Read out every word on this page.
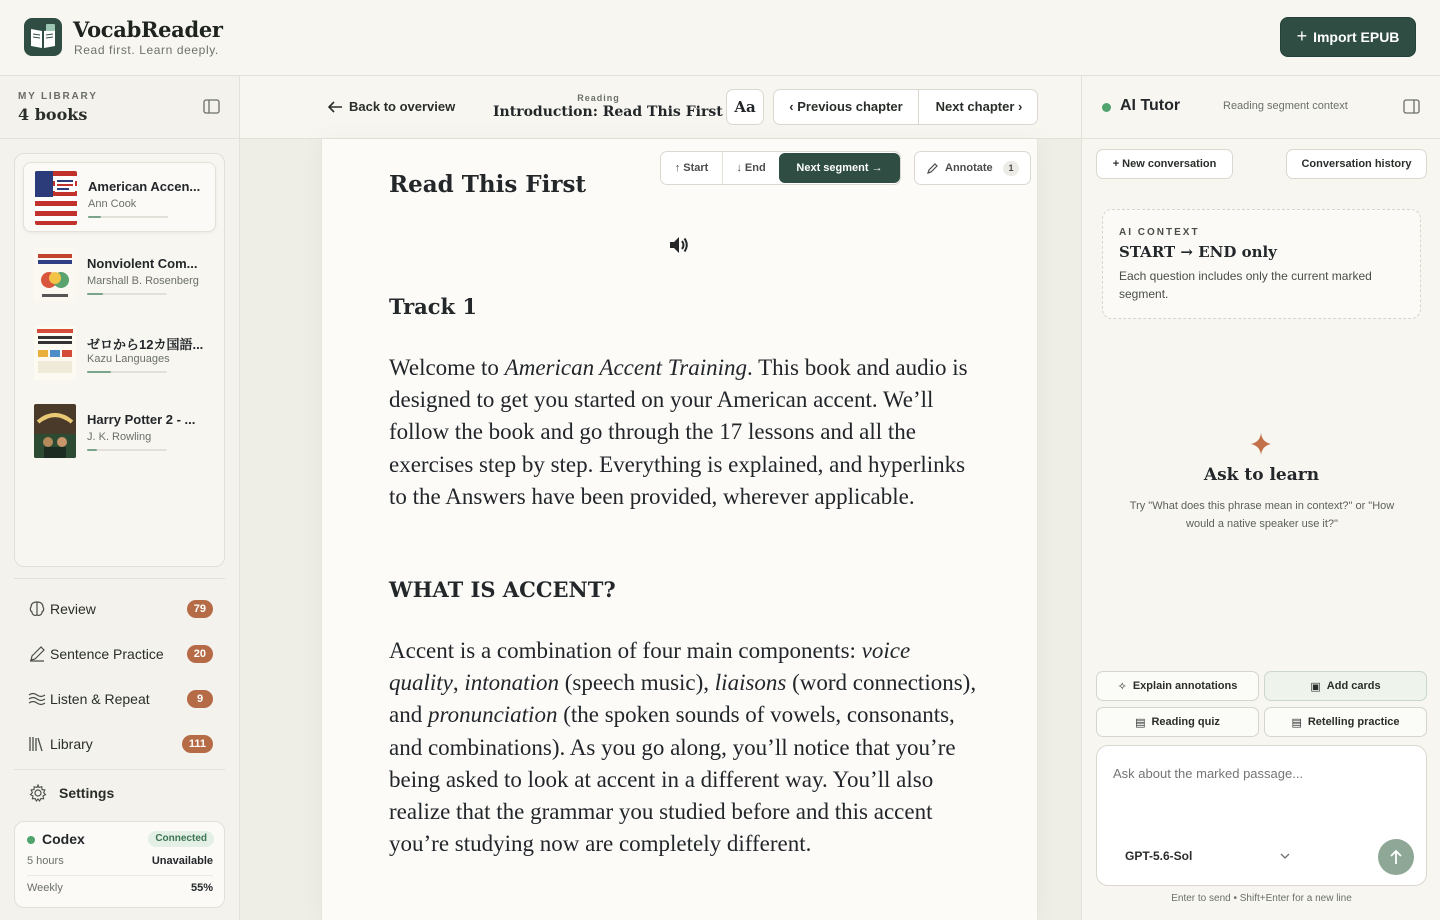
VocabReader
Read first. Learn deeply.
+ Import EPUB
MY LIBRARY
4 books
American Accen...
Ann Cook
Nonviolent Com...
Marshall B. Rosenberg
ゼロから12カ国語...
Kazu Languages
Harry Potter 2 - ...
J. K. Rowling
Review	79
Sentence Practice	20
Listen & Repeat	9
Library	111
Settings
Codex	Connected
5 hours	Unavailable
Weekly	55%
Back to overview
Reading
Introduction: Read This First Aa	‹ Previous chapter	Next chapter ›
↑ Start	↓ End	Next segment →	Annotate	1
Read This First
Track 1
Welcome to American Accent Training. This book and audio is designed to get you started on your American accent. We’ll follow the book and go through the 17 lessons and all the exercises step by step. Everything is explained, and hyperlinks to the Answers have been provided, wherever applicable.
WHAT IS ACCENT?
Accent is a combination of four main components: voice quality, intonation (speech music), liaisons (word connections), and pronunciation (the spoken sounds of vowels, consonants, and combinations). As you go along, you’ll notice that you’re being asked to look at accent in a different way. You’ll also realize that the grammar you studied before and this accent you’re studying now are completely different.
AI Tutor	Reading segment context
+ New conversation	Conversation history
AI CONTEXT
START → END only
Each question includes only the current marked segment.
Ask to learn
Try "What does this phrase mean in context?" or "How would a native speaker use it?"
✧ Explain annotations	▣ Add cards
▤ Reading quiz	▤ Retelling practice
Ask about the marked passage...
GPT-5.6-Sol
Enter to send • Shift+Enter for a new line
